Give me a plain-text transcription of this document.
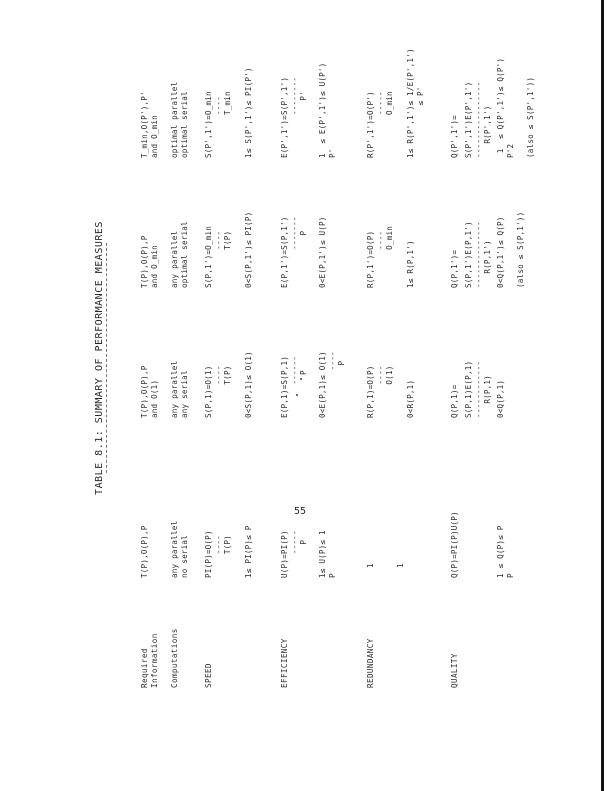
55
TABLE 8.1: SUMMARY OF PERFORMANCE MEASURES
Required
Information
T(P),O(P),P
T(P),O(P),P
and O(1)
T(P),O(P),P
and O_min
T_min,O(P'),P'
and O_min
Computations
any parallel
no serial
any parallel
any serial
any parallel
optimal serial
optimal parallel
optimal serial
SPEED
PI(P)=O(P)
----
T(P) 1≤ PI(P)≤ P
S(P,1)=O(1)
----
T(P) 0<S(P,1)≤ O(1)
S(P,1')=O_min
----
T(P) 0<S(P,1')≤ PI(P)
S(P',1')=O_min
----
T_min 1≤ S(P',1')≤ PI(P')
EFFICIENCY
U(P)=PI(P)
-----
P
1≤ U(P)≤ 1
P
E(P,1)=S(P,1)
------
P
0<E(P,1)≤ O(1)
----
P
E(P,1')=S(P,1')
-------
P 0<E(P,1')≤ U(P)
E(P',1')=S(P',1')
--------
P'
1  ≤ E(P',1')≤ U(P')
P'
REDUNDANCY
1	1
R(P,1)=O(P)
----
O(1)
0<R(P,1)
R(P,1')=O(P)
----
O_min
1≤ R(P,1')
R(P',1')=O(P')
-----
O_min
1≤ R(P',1')≤ 1/E(P',1')
≤ P'
QUALITY
Q(P)=PI(P)U(P)	1 ≤ Q(P)≤ P
P
Q(P,1)= S(P,1)E(P,1)
------------
R(P,1) 0<Q(P,1)
Q(P,1')= S(P,1')E(P,1')
--------------
R(P,1') 0<Q(P,1')≤ Q(P) (also ≤ S(P,1'))
Q(P',1')= S(P',1')E(P',1')
----------------
R(P',1')
1  ≤ Q(P',1')≤ Q(P')
P'2 (also ≤ S(P',1'))
